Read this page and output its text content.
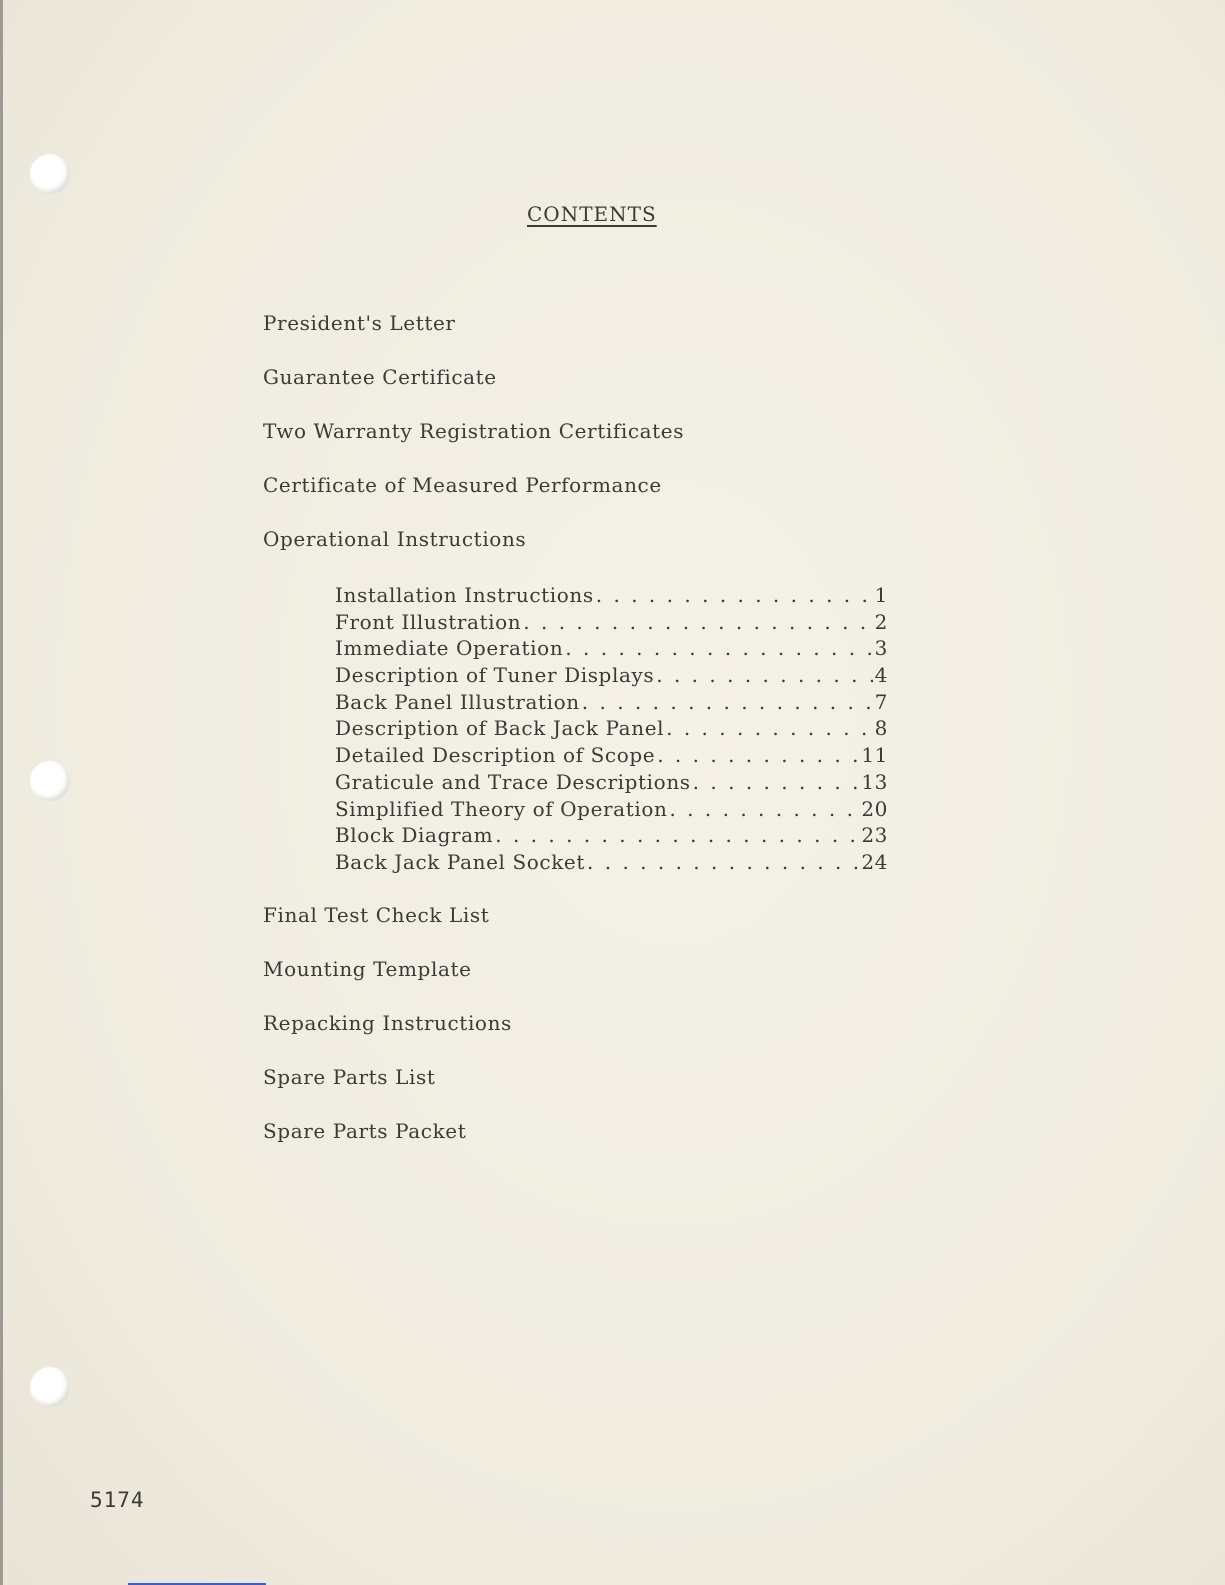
CONTENTS
President's Letter
Guarantee Certificate
Two Warranty Registration Certificates
Certificate of Measured Performance
Operational Instructions
Installation Instructions . . .	1
Front Illustration . . .	2
Immediate Operation . . .	3
Description of Tuner Displays . . .	4
Back Panel Illustration . . .	7
Description of Back Jack Panel . . .	8
Detailed Description of Scope . . .	11
Graticule and Trace Descriptions . . .	13
Simplified Theory of Operation . . .	20
Block Diagram . . .	23
Back Jack Panel Socket . . .	24
Final Test Check List
Mounting Template
Repacking Instructions
Spare Parts List
Spare Parts Packet
5174
